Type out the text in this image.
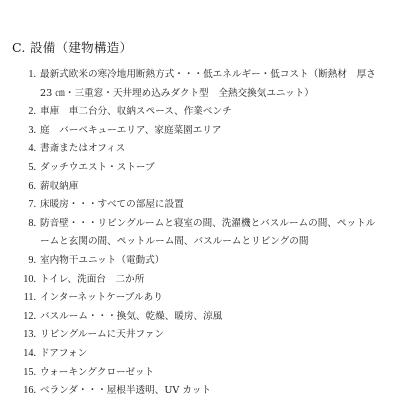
C. 設備（建物構造）
1. 最新式欧米の寒冷地用断熱方式・・・低エネルギー・低コスト（断熱材　厚さ
23 ㎝・三重窓・天井埋め込みダクト型　全熱交換気ユニット）
2. 車庫　車二台分、収納スペース、作業ベンチ
3. 庭　バーベキューエリア、家庭菜園エリア
4. 書斎またはオフィス
5. ダッチウエスト・ストーブ
6. 薪収納庫
7. 床暖房・・・すべての部屋に設置
8. 防音壁・・・リビングルームと寝室の間、洗濯機とバスルームの間、ペットル
ームと玄関の間、ペットルーム間、バスルームとリビングの間
9. 室内物干ユニット（電動式）
10. トイレ、洗面台　二か所
11. インターネットケーブルあり
12. バスルーム・・・換気、乾燥、暖房、涼風
13. リビングルームに天井ファン
14. ドアフォン
15. ウォーキングクローゼット
16. ベランダ・・・屋根半透明、UV カット
